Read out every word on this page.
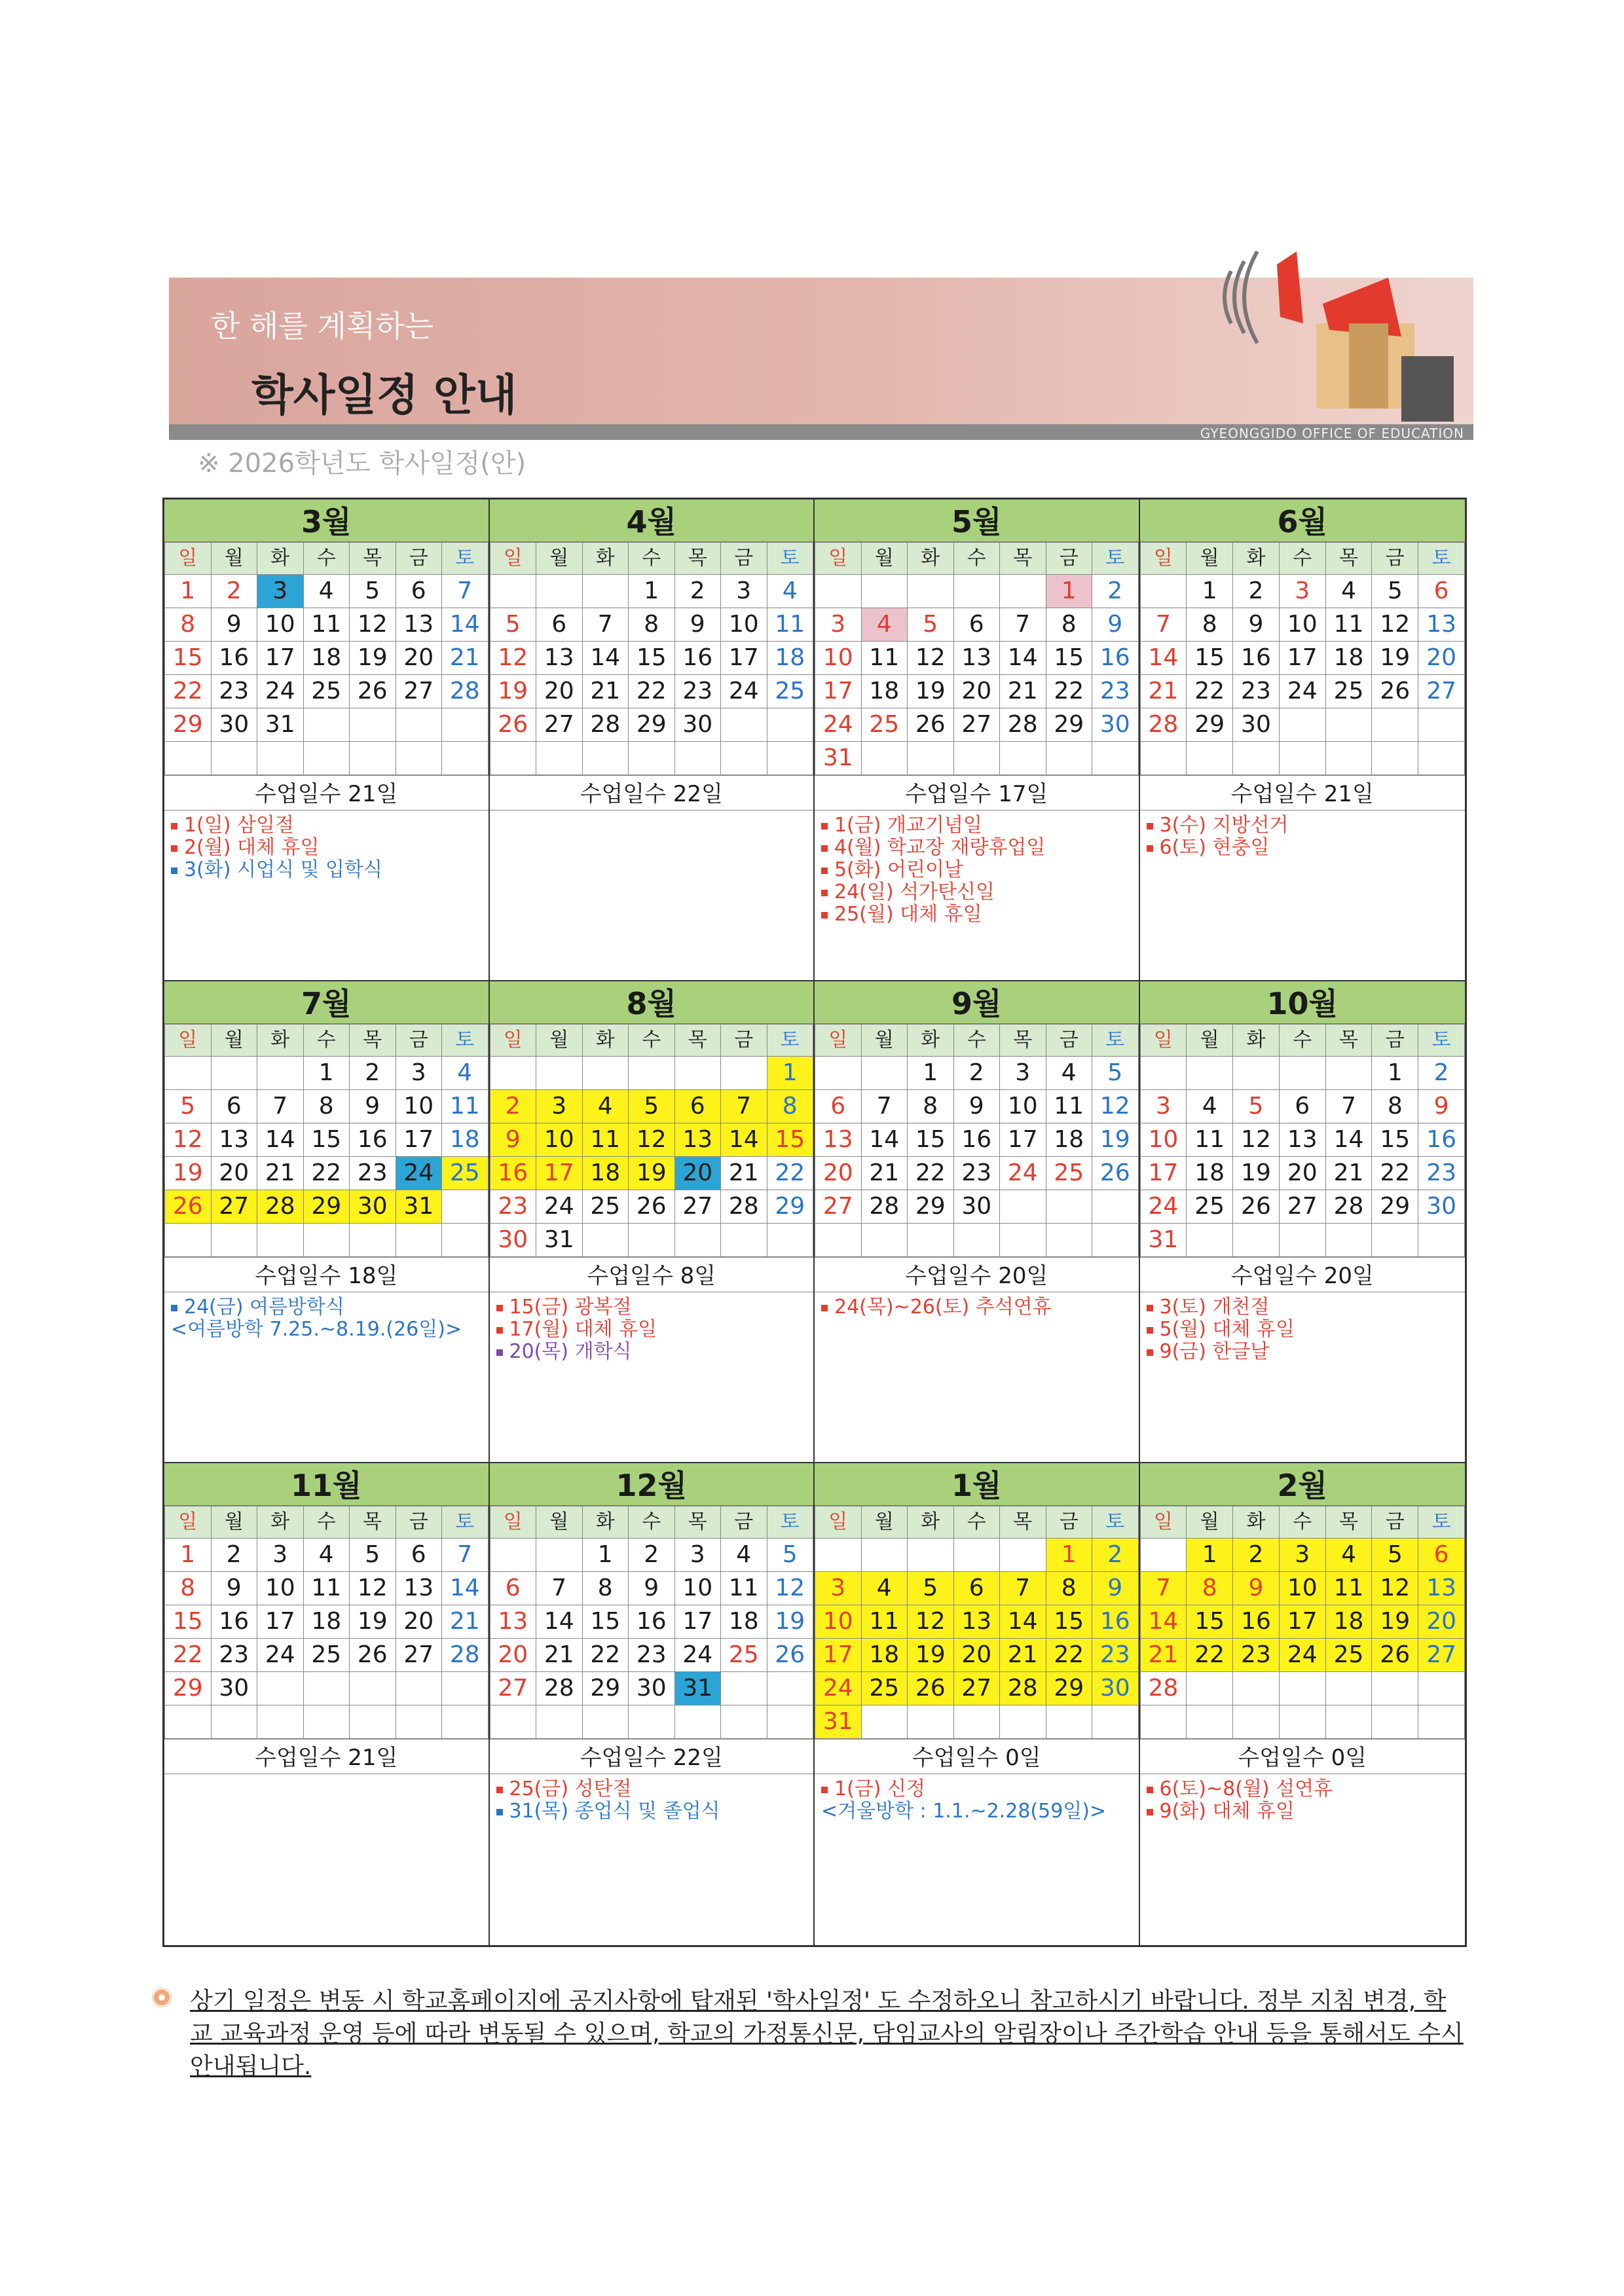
한 해를 계획하는
학사일정 안내
GYEONGGIDO OFFICE OF EDUCATION
※ 2026학년도 학사일정(안)
3월
일	월	화	수	목	금	토
1	2	3	4	5	6	7
8	9	10	11	12	13	14
15	16	17	18	19	20	21
22	23	24	25	26	27	28
29	30	31				

수업일수 21일
1(일) 삼일절
2(월) 대체 휴일
3(화) 시업식 및 입학식
4월
일	월	화	수	목	금	토
			1	2	3	4
5	6	7	8	9	10	11
12	13	14	15	16	17	18
19	20	21	22	23	24	25
26	27	28	29	30		

수업일수 22일
5월
일	월	화	수	목	금	토
					1	2
3	4	5	6	7	8	9
10	11	12	13	14	15	16
17	18	19	20	21	22	23
24	25	26	27	28	29	30
31						
수업일수 17일
1(금) 개교기념일
4(월) 학교장 재량휴업일
5(화) 어린이날
24(일) 석가탄신일
25(월) 대체 휴일
6월
일	월	화	수	목	금	토
	1	2	3	4	5	6
7	8	9	10	11	12	13
14	15	16	17	18	19	20
21	22	23	24	25	26	27
28	29	30				

수업일수 21일
3(수) 지방선거
6(토) 현충일
7월
일	월	화	수	목	금	토
			1	2	3	4
5	6	7	8	9	10	11
12	13	14	15	16	17	18
19	20	21	22	23	24	25
26	27	28	29	30	31	

수업일수 18일
24(금) 여름방학식
<여름방학 7.25.~8.19.(26일)>
8월
일	월	화	수	목	금	토
						1
2	3	4	5	6	7	8
9	10	11	12	13	14	15
16	17	18	19	20	21	22
23	24	25	26	27	28	29
30	31					
수업일수 8일
15(금) 광복절
17(월) 대체 휴일
20(목) 개학식
9월
일	월	화	수	목	금	토
		1	2	3	4	5
6	7	8	9	10	11	12
13	14	15	16	17	18	19
20	21	22	23	24	25	26
27	28	29	30			

수업일수 20일
24(목)~26(토) 추석연휴
10월
일	월	화	수	목	금	토
					1	2
3	4	5	6	7	8	9
10	11	12	13	14	15	16
17	18	19	20	21	22	23
24	25	26	27	28	29	30
31						
수업일수 20일
3(토) 개천절
5(월) 대체 휴일
9(금) 한글날
11월
일	월	화	수	목	금	토
1	2	3	4	5	6	7
8	9	10	11	12	13	14
15	16	17	18	19	20	21
22	23	24	25	26	27	28
29	30					

수업일수 21일
12월
일	월	화	수	목	금	토
		1	2	3	4	5
6	7	8	9	10	11	12
13	14	15	16	17	18	19
20	21	22	23	24	25	26
27	28	29	30	31		

수업일수 22일
25(금) 성탄절
31(목) 종업식 및 졸업식
1월
일	월	화	수	목	금	토
					1	2
3	4	5	6	7	8	9
10	11	12	13	14	15	16
17	18	19	20	21	22	23
24	25	26	27	28	29	30
31						
수업일수 0일
1(금) 신정
<겨울방학 : 1.1.~2.28(59일)>
2월
일	월	화	수	목	금	토
	1	2	3	4	5	6
7	8	9	10	11	12	13
14	15	16	17	18	19	20
21	22	23	24	25	26	27
28						

수업일수 0일
6(토)~8(월) 설연휴
9(화) 대체 휴일
상기 일정은 변동 시 학교홈페이지에 공지사항에 탑재된 '학사일정' 도 수정하오니 참고하시기 바랍니다. 정부 지침 변경, 학교 교육과정 운영 등에 따라 변동될 수 있으며, 학교의 가정통신문, 담임교사의 알림장이나 주간학습 안내 등을 통해서도 수시 안내됩니다.
